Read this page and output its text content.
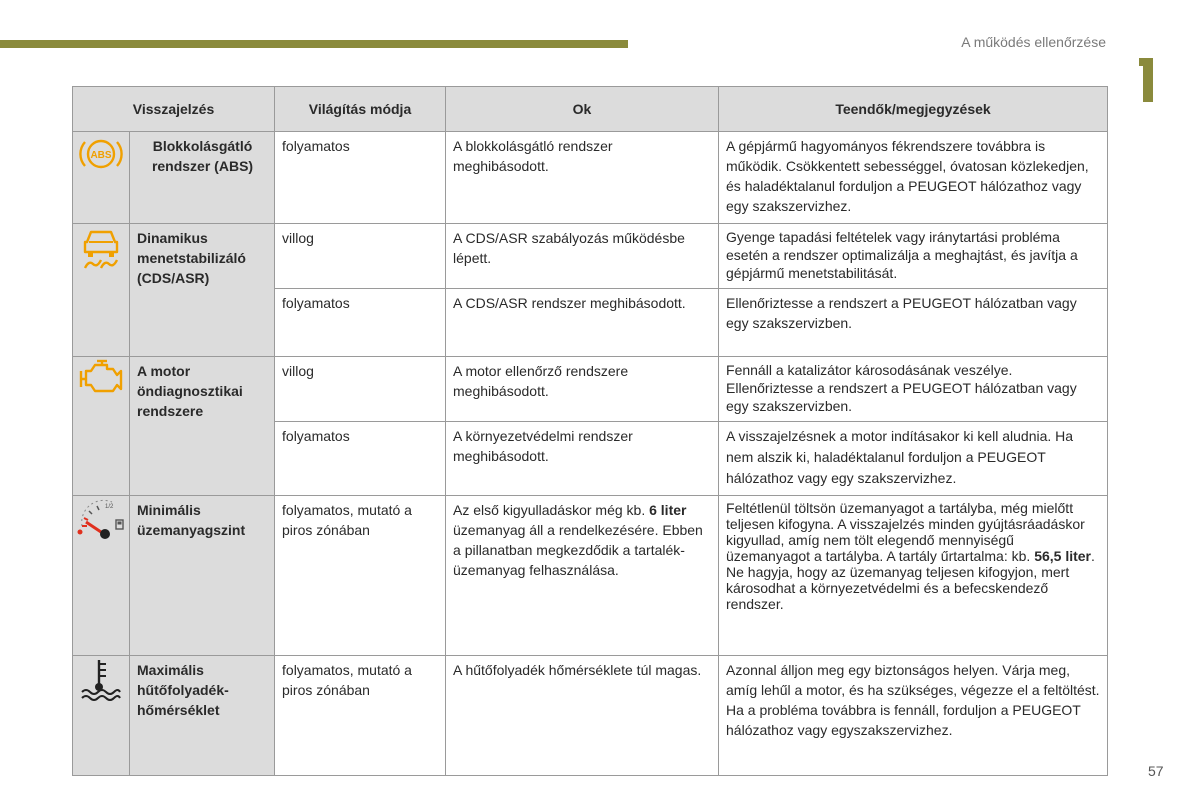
A működés ellenőrzése
Visszajelzés		Világítás módja	Ok	Teendők/megjegyzések

ABS	Blokkolásgátló rendszer (ABS)	folyamatos	A blokkolásgátló rendszer meghibásodott.	A gépjármű hagyományos fékrendszere továbbra is működik. Csökkentett sebességgel, óvatosan közlekedjen, és haladéktalanul forduljon a PEUGEOT hálózathoz vagy egy szakszervizhez.

	Dinamikus menetstabilizáló (CDS/ASR)	villog	A CDS/ASR szabályozás működésbe lépett.	Gyenge tapadási feltételek vagy iránytartási probléma esetén a rendszer optimalizálja a meghajtást, és javítja a gépjármű menetstabilitását.
		folyamatos	A CDS/ASR rendszer meghibásodott.	Ellenőriztesse a rendszert a PEUGEOT hálózatban vagy egy szakszervizben.

	A motor öndiagnosztikai rendszere	villog	A motor ellenőrző rendszere meghibásodott.	Fennáll a katalizátor károsodásának veszélye. Ellenőriztesse a rendszert a PEUGEOT hálózatban vagy egy szakszervizben.
		folyamatos	A környezetvédelmi rendszer meghibásodott.	A visszajelzésnek a motor indításakor ki kell aludnia. Ha nem alszik ki, haladéktalanul forduljon a PEUGEOT hálózathoz vagy egy szakszervizhez.

1/2	Minimális üzemanyagszint	folyamatos, mutató a piros zónában	Az első kigyulladáskor még kb. 6 liter üzemanyag áll a rendelkezésére. Ebben a pillanatban megkezdődik a tartalék-üzemanyag felhasználása.	Feltétlenül töltsön üzemanyagot a tartályba, még mielőtt teljesen kifogyna. A visszajelzés minden gyújtásráadáskor kigyullad, amíg nem tölt elegendő mennyiségű üzemanyagot a tartályba. A tartály űrtartalma: kb. 56,5 liter. Ne hagyja, hogy az üzemanyag teljesen kifogyjon, mert károsodhat a környezetvédelmi és a befecskendező rendszer.

	Maximális hűtőfolyadék-hőmérséklet	folyamatos, mutató a piros zónában	A hűtőfolyadék hőmérséklete túl magas.	Azonnal álljon meg egy biztonságos helyen. Várja meg, amíg lehűl a motor, és ha szükséges, végezze el a feltöltést. Ha a probléma továbbra is fennáll, forduljon a PEUGEOT hálózathoz vagy egyszakszervizhez.
57
